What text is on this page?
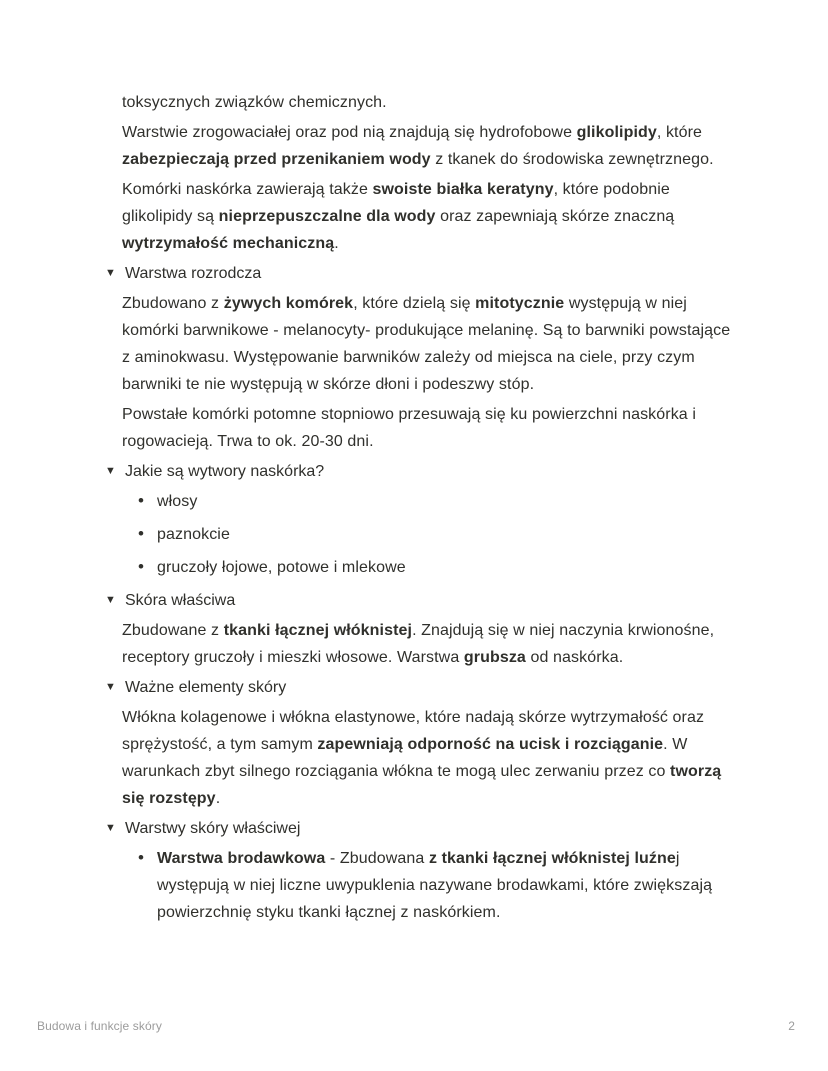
toksycznych związków chemicznych.
Warstwie zrogowaciałej oraz pod nią znajdują się hydrofobowe glikolipidy, które zabezpieczają przed przenikaniem wody z tkanek do środowiska zewnętrznego.
Komórki naskórka zawierają także swoiste białka keratyny, które podobnie glikolipidy są nieprzepuszczalne dla wody oraz zapewniają skórze znaczną wytrzymałość mechaniczną.
▼ Warstwa rozrodcza
Zbudowano z żywych komórek, które dzielą się mitotycznie występują w niej komórki barwnikowe - melanocyty- produkujące melaninę. Są to barwniki powstające z aminokwasu. Występowanie barwników zależy od miejsca na ciele, przy czym barwniki te nie występują w skórze dłoni i podeszwy stóp.
Powstałe komórki potomne stopniowo przesuwają się ku powierzchni naskórka i rogowacieją. Trwa to ok. 20-30 dni.
▼ Jakie są wytwory naskórka?
• włosy
• paznokcie
• gruczoły łojowe, potowe i mlekowe
▼ Skóra właściwa
Zbudowane z tkanki łącznej włóknistej. Znajdują się w niej naczynia krwionośne, receptory gruczoły i mieszki włosowe. Warstwa grubsza od naskórka.
▼ Ważne elementy skóry
Włókna kolagenowe i włókna elastynowe, które nadają skórze wytrzymałość oraz sprężystość, a tym samym zapewniają odporność na ucisk i rozciąganie. W warunkach zbyt silnego rozciągania włókna te mogą ulec zerwaniu przez co tworzą się rozstępy.
▼ Warstwy skóry właściwej
• Warstwa brodawkowa - Zbudowana z tkanki łącznej włóknistej luźnej występują w niej liczne uwypuklenia nazywane brodawkami, które zwiększają powierzchnię styku tkanki łącznej z naskórkiem.
Budowa i funkcje skóry	2
